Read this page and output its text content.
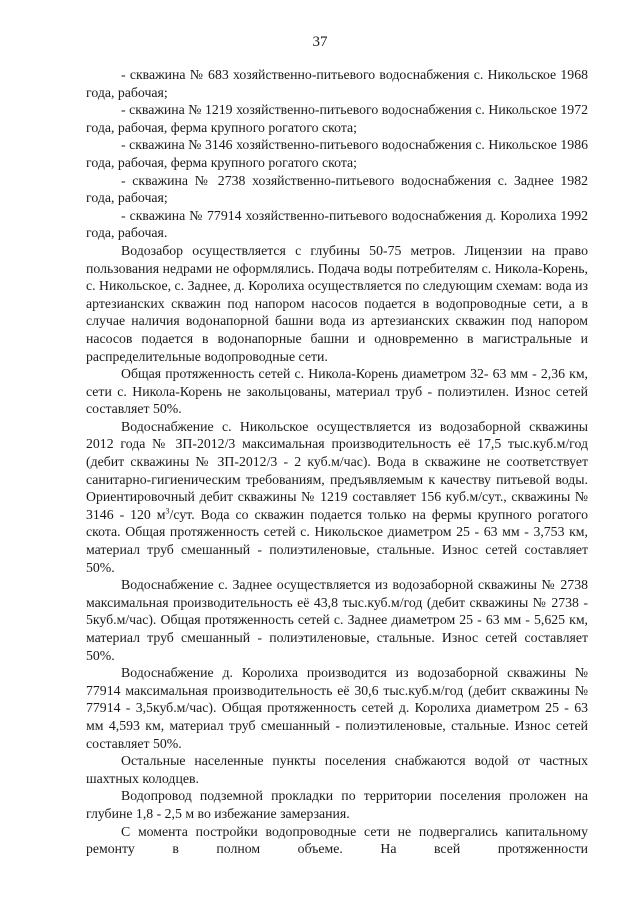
37

- скважина № 683 хозяйственно-питьевого водоснабжения с. Никольское 1968 года, рабочая;

- скважина № 1219 хозяйственно-питьевого водоснабжения с. Никольское 1972 года, рабочая, ферма крупного рогатого скота;

- скважина № 3146 хозяйственно-питьевого водоснабжения с. Никольское 1986 года, рабочая, ферма крупного рогатого скота;

- скважина № 2738 хозяйственно-питьевого водоснабжения с. Заднее 1982 года, рабочая;

- скважина № 77914 хозяйственно-питьевого водоснабжения д. Королиха 1992 года, рабочая.

Водозабор осуществляется с глубины 50-75 метров. Лицензии на право пользования недрами не оформлялись. Подача воды потребителям с. Никола-Корень, с. Никольское, с. Заднее, д. Королиха осуществляется по следующим схемам: вода из артезианских скважин под напором насосов подается в водопроводные сети, а в случае наличия водонапорной башни вода из артезианских скважин под напором насосов подается в водонапорные башни и одновременно в магистральные и распределительные водопроводные сети.

Общая протяженность сетей с. Никола-Корень диаметром 32- 63 мм - 2,36 км, сети с. Никола-Корень не закольцованы, материал труб - полиэтилен. Износ сетей составляет 50%.

Водоснабжение с. Никольское осуществляется из водозаборной скважины 2012 года № ЗП-2012/3 максимальная производительность её 17,5 тыс.куб.м/год (дебит скважины № ЗП-2012/3 - 2 куб.м/час). Вода в скважине не соответствует санитарно-гигиеническим требованиям, предъявляемым к качеству питьевой воды. Ориентировочный дебит скважины № 1219 составляет 156 куб.м/сут., скважины № 3146 - 120 $м^3$/сут. Вода со скважин подается только на фермы крупного рогатого скота. Общая протяженность сетей с. Никольское диаметром 25 - 63 мм - 3,753 км, материал труб смешанный - полиэтиленовые, стальные. Износ сетей составляет 50%.

Водоснабжение с. Заднее осуществляется из водозаборной скважины № 2738 максимальная производительность её 43,8 тыс.куб.м/год (дебит скважины № 2738 - 5куб.м/час). Общая протяженность сетей с. Заднее диаметром 25 - 63 мм - 5,625 км, материал труб смешанный - полиэтиленовые, стальные. Износ сетей составляет 50%.

Водоснабжение д. Королиха производится из водозаборной скважины № 77914 максимальная производительность её 30,6 тыс.куб.м/год (дебит скважины № 77914 - 3,5куб.м/час). Общая протяженность сетей д. Королиха диаметром 25 - 63 мм 4,593 км, материал труб смешанный - полиэтиленовые, стальные. Износ сетей составляет 50%.

Остальные населенные пункты поселения снабжаются водой от частных шахтных колодцев.

Водопровод подземной прокладки по территории поселения проложен на глубине 1,8 - 2,5 м во избежание замерзания.

С момента постройки водопроводные сети не подвергались капитальному ремонту в полном объеме. На всей протяженности
